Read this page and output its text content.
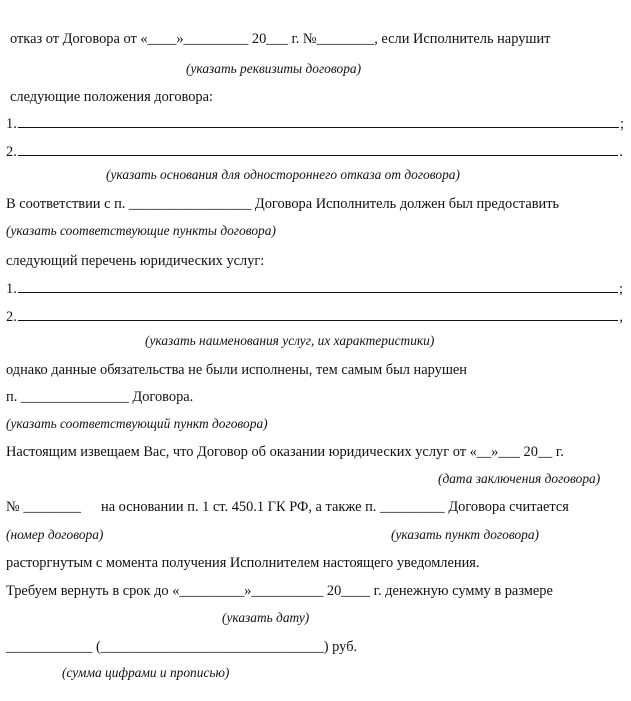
отказ от Договора от «____»_________ 20___ г. №________, если Исполнитель нарушит
(указать реквизиты договора)
следующие положения договора:
1.	;
2.	.
(указать основания для одностороннего отказа от договора)
В соответствии с п. _________________ Договора Исполнитель должен был предоставить
(указать соответствующие пункты договора)
следующий перечень юридических услуг:
1.	;
2.	,
(указать наименования услуг, их характеристики)
однако данные обязательства не были исполнены, тем самым был нарушен
п. _______________ Договора.
(указать соответствующий пункт договора)
Настоящим извещаем Вас, что Договор об оказании юридических услуг от «__»___ 20__ г.
(дата заключения договора)
№ ________ на основании п. 1 ст. 450.1 ГК РФ, а также п. _________ Договора считается
(номер договора)	(указать пункт договора)
расторгнутым с момента получения Исполнителем настоящего уведомления.
Требуем вернуть в срок до «_________»__________ 20____ г. денежную сумму в размере
(указать дату)
____________ (_______________________________) руб.
(сумма цифрами и прописью)
